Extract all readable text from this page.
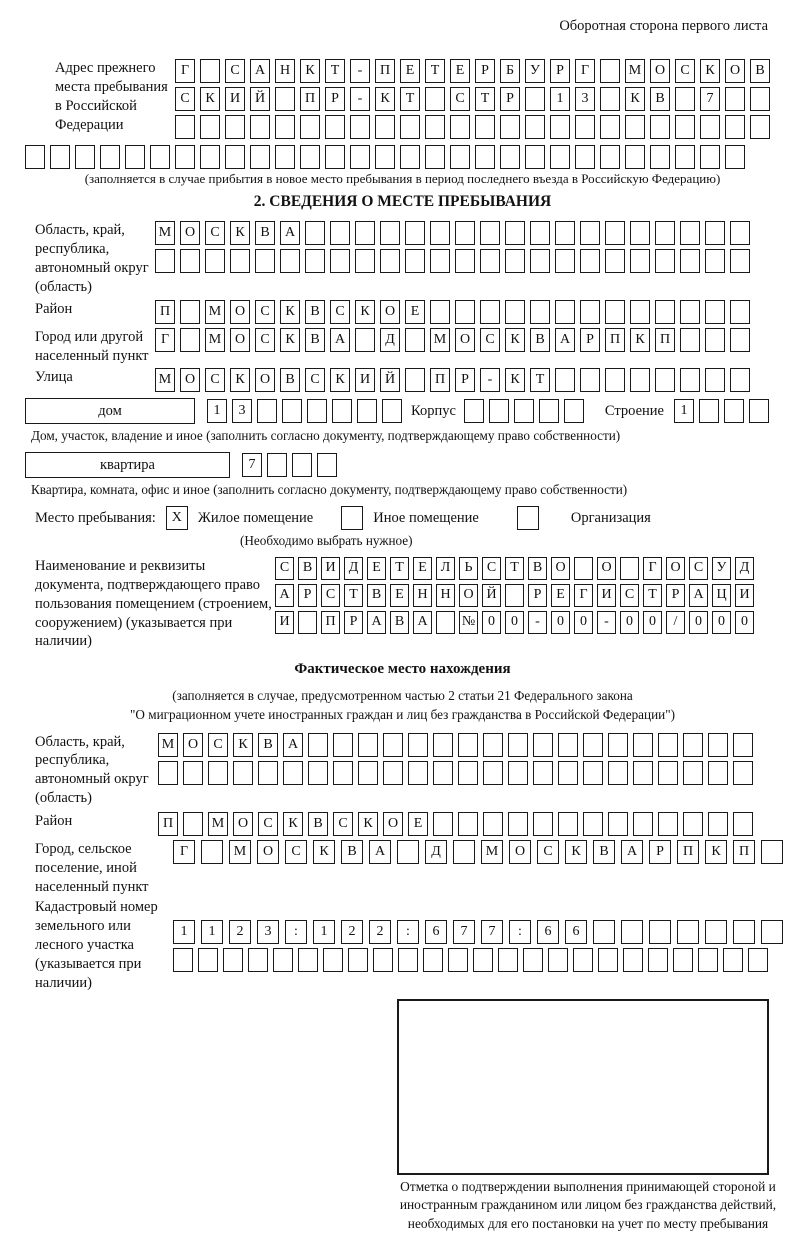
Оборотная сторона первого листа
Адрес прежнего места пребывания в Российской Федерации
Г	С	А	Н	К	Т	-	П	Е	Т	Е	Р	Б	У	Р	Г	М О	С	К	О	В
С	К	И	Й	П	Р	-	К	Т	С	Т	Р	1	3	К	В	7
(заполняется в случае прибытия в новое место пребывания в период последнего въезда в Российскую Федерацию)
2. СВЕДЕНИЯ О МЕСТЕ ПРЕБЫВАНИЯ
Область, край, республика, автономный округ (область)
М О	С	К	В	А
Район	П	М О	С	К	В	С	К	О	Е
Город или другой населенный пункт
Г	М О	С	К	В	А	Д	М О	С	К	В	А	Р	П	К	П
Улица	М О	С	К	О	В	С	К	И	Й	П	Р	-	К	Т
дом	1	3	Корпус	Строение	1
Дом, участок, владение и иное (заполнить согласно документу, подтверждающему право собственности)
квартира	7
Квартира, комната, офис и иное (заполнить согласно документу, подтверждающему право собственности)
Место пребывания: X Жилое помещение	Иное помещение	Организация
(Необходимо выбрать нужное)
Наименование и реквизиты документа, подтверждающего право пользования помещением (строением, сооружением) (указывается при наличии)
С В И Д Е	Т	Е Л	Ь	С	Т	В О	О	Г О С У Д
А	Р	С	Т	В	Е Н Н О Й	Р	Е	Г И С	Т	Р	А Ц И
И	П	Р	А В А	№ 0	0	-	0	0	-	0	0	/	0	0	0
Фактическое место нахождения
(заполняется в случае, предусмотренном частью 2 статьи 21 Федерального закона
"О миграционном учете иностранных граждан и лиц без гражданства в Российской Федерации")
Область, край, республика, автономный округ (область)
М О	С	К	В	А
Район	П	М О	С	К	В	С	К	О	Е
Город, сельское поселение, иной населенный пункт
Г	М	О	С	К	В	А	Д	М	О	С	К	В	А	Р	П	К	П
Кадастровый номер земельного или лесного участка (указывается при наличии)
1	1	2	3	:	1	2	2	:	6	7	7	:	6	6
Отметка о подтверждении выполнения принимающей стороной и иностранным гражданином или лицом без гражданства действий, необходимых для его постановки на учет по месту пребывания
